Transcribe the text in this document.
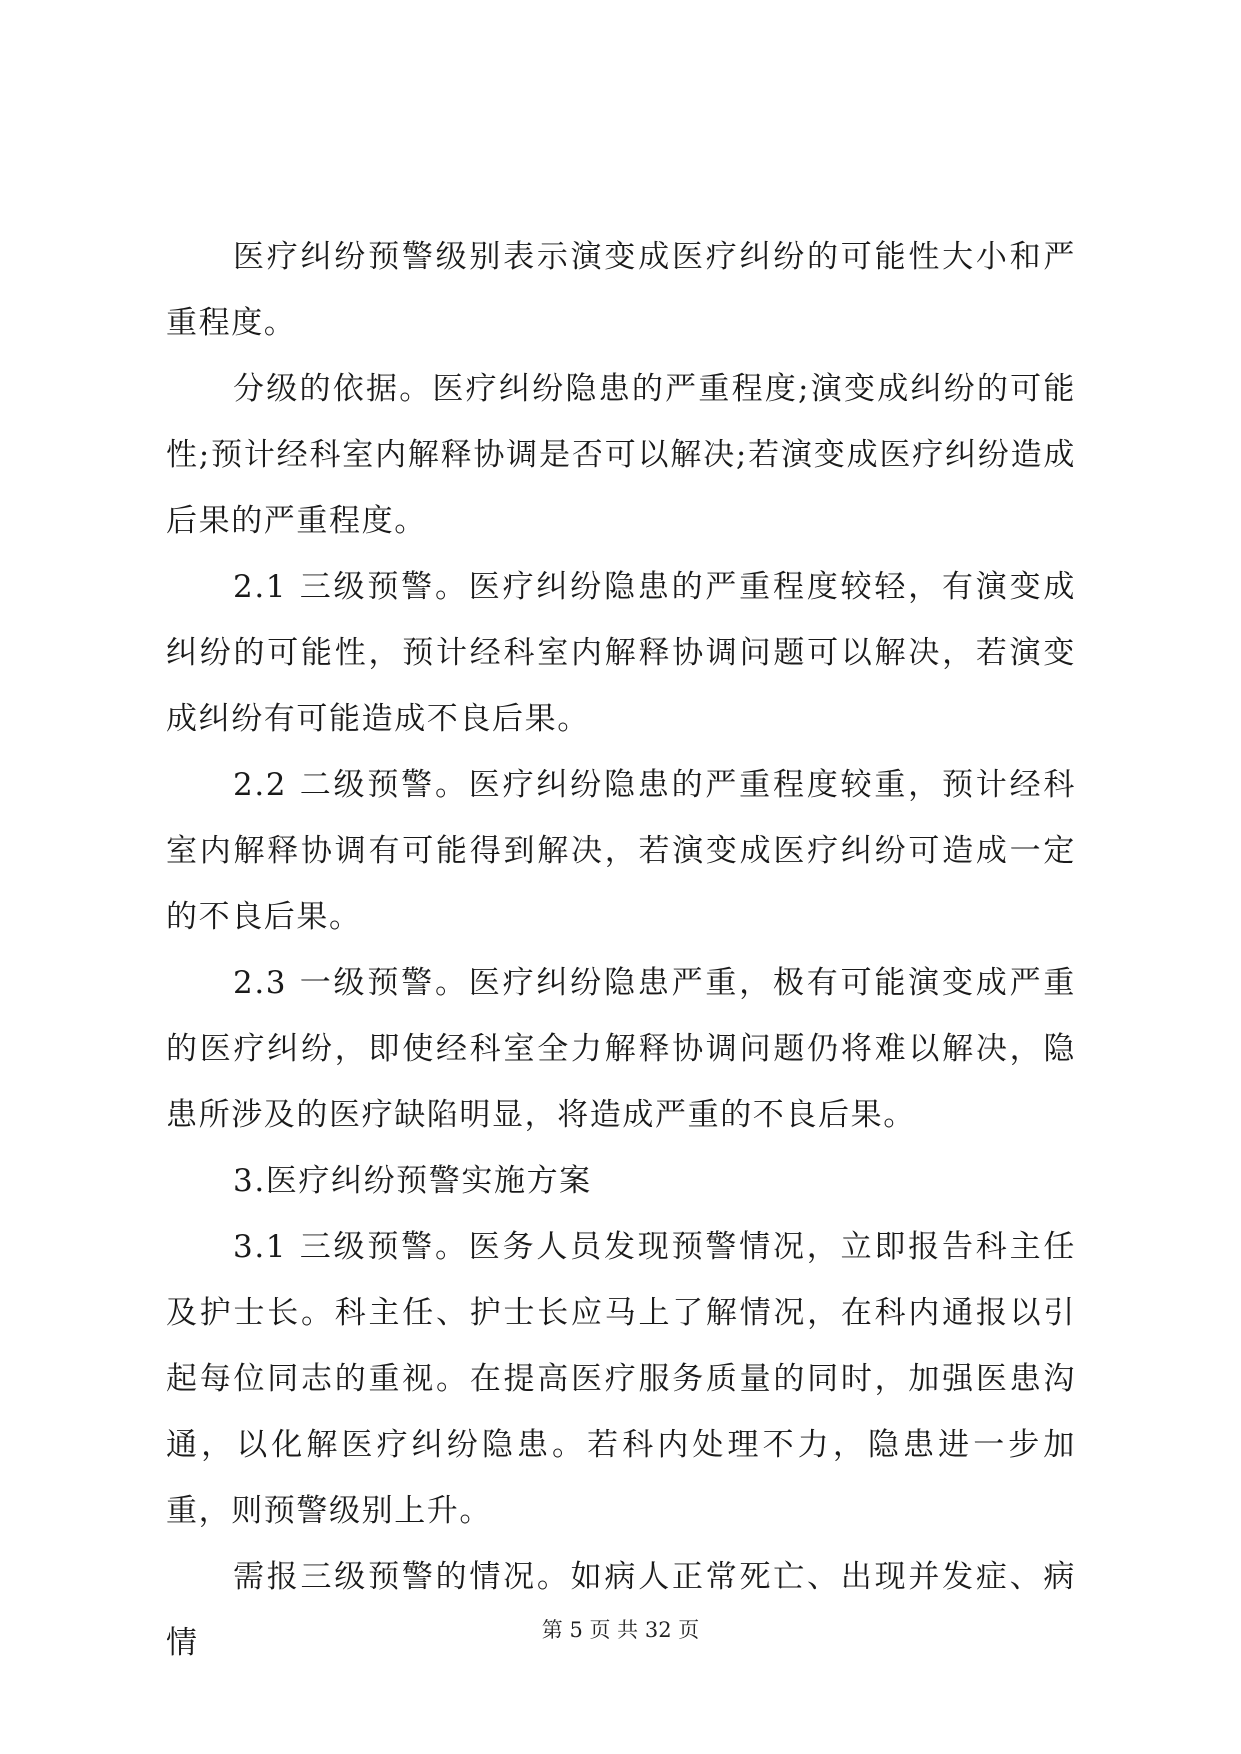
医疗纠纷预警级别表示演变成医疗纠纷的可能性大小和严重程度。

分级的依据。医疗纠纷隐患的严重程度;演变成纠纷的可能性;预计经科室内解释协调是否可以解决;若演变成医疗纠纷造成后果的严重程度。

2.1 三级预警。医疗纠纷隐患的严重程度较轻，有演变成纠纷的可能性，预计经科室内解释协调问题可以解决，若演变成纠纷有可能造成不良后果。

2.2 二级预警。医疗纠纷隐患的严重程度较重，预计经科室内解释协调有可能得到解决，若演变成医疗纠纷可造成一定的不良后果。

2.3 一级预警。医疗纠纷隐患严重，极有可能演变成严重的医疗纠纷，即使经科室全力解释协调问题仍将难以解决，隐患所涉及的医疗缺陷明显，将造成严重的不良后果。

3.医疗纠纷预警实施方案

3.1 三级预警。医务人员发现预警情况，立即报告科主任及护士长。科主任、护士长应马上了解情况，在科内通报以引起每位同志的重视。在提高医疗服务质量的同时，加强医患沟通，以化解医疗纠纷隐患。若科内处理不力，隐患进一步加重，则预警级别上升。

需报三级预警的情况。如病人正常死亡、出现并发症、病情	第 5 页 共 32 页
